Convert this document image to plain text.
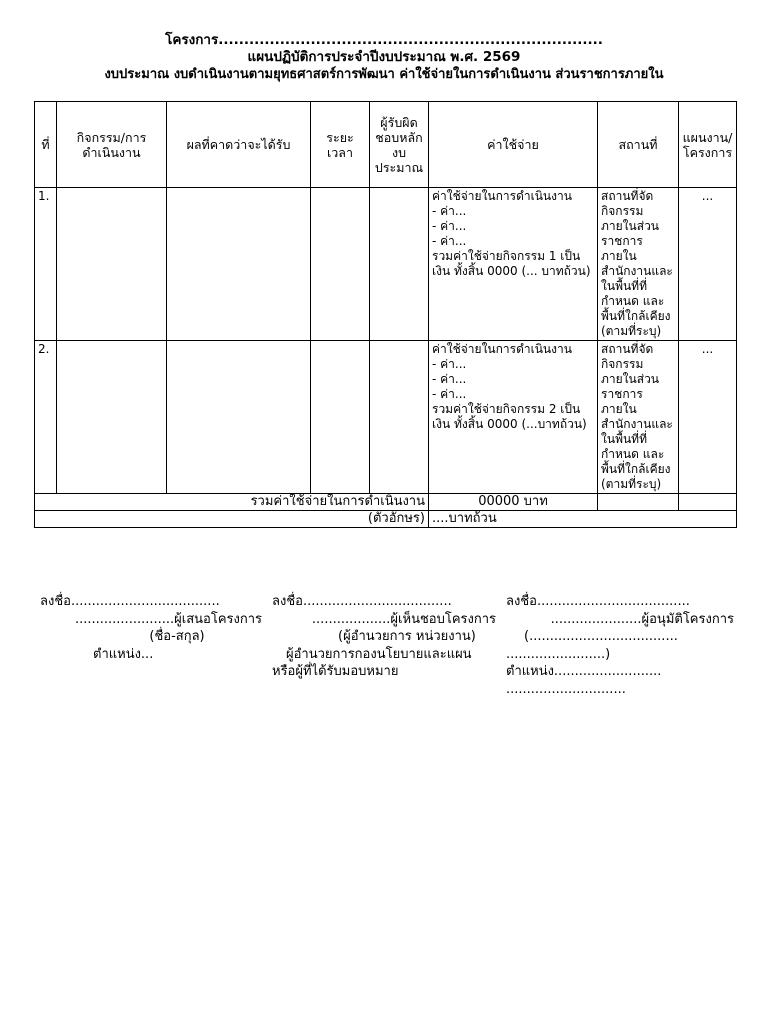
โครงการ...........................................................................
แผนปฏิบัติการประจำปีงบประมาณ พ.ศ. 2569
งบประมาณ งบดำเนินงานตามยุทธศาสตร์การพัฒนา ค่าใช้จ่ายในการดำเนินงาน ส่วนราชการภายใน
ที่	กิจกรรม/การดำเนินงาน	ผลที่คาดว่าจะได้รับ	ระยะเวลา	ผู้รับผิดชอบหลักงบประมาณ	ค่าใช้จ่าย	สถานที่	แผนงาน/โครงการ
1.					ค่าใช้จ่ายในการดำเนินงาน
- ค่า...
- ค่า...
- ค่า...
รวมค่าใช้จ่ายกิจกรรม 1 เป็นเงิน ทั้งสิ้น 0000 (... บาทถ้วน)	สถานที่จัดกิจกรรม ภายในส่วนราชการ ภายในสำนักงานและในพื้นที่ที่ กำหนด และพื้นที่ใกล้เคียง (ตามที่ระบุ)	...
2.					ค่าใช้จ่ายในการดำเนินงาน
- ค่า...
- ค่า...
- ค่า...
รวมค่าใช้จ่ายกิจกรรม 2 เป็นเงิน ทั้งสิ้น 0000 (...บาทถ้วน)	สถานที่จัดกิจกรรม ภายในส่วนราชการ ภายในสำนักงานและในพื้นที่ที่ กำหนด และพื้นที่ใกล้เคียง (ตามที่ระบุ)	...
รวมค่าใช้จ่ายในการดำเนินงาน					00000 บาท		
(ตัวอักษร)					....บาทถ้วน		
ลงชื่อ....................................
........................ผู้เสนอโครงการ
(ชื่อ-สกุล)
ตำแหน่ง...
ลงชื่อ....................................
...................ผู้เห็นชอบโครงการ
(ผู้อำนวยการ หน่วยงาน)
ผู้อำนวยการกองนโยบายและแผน
หรือผู้ที่ได้รับมอบหมาย
ลงชื่อ.....................................
......................ผู้อนุมัติโครงการ
(....................................
........................)
ตำแหน่ง..........................
.............................
